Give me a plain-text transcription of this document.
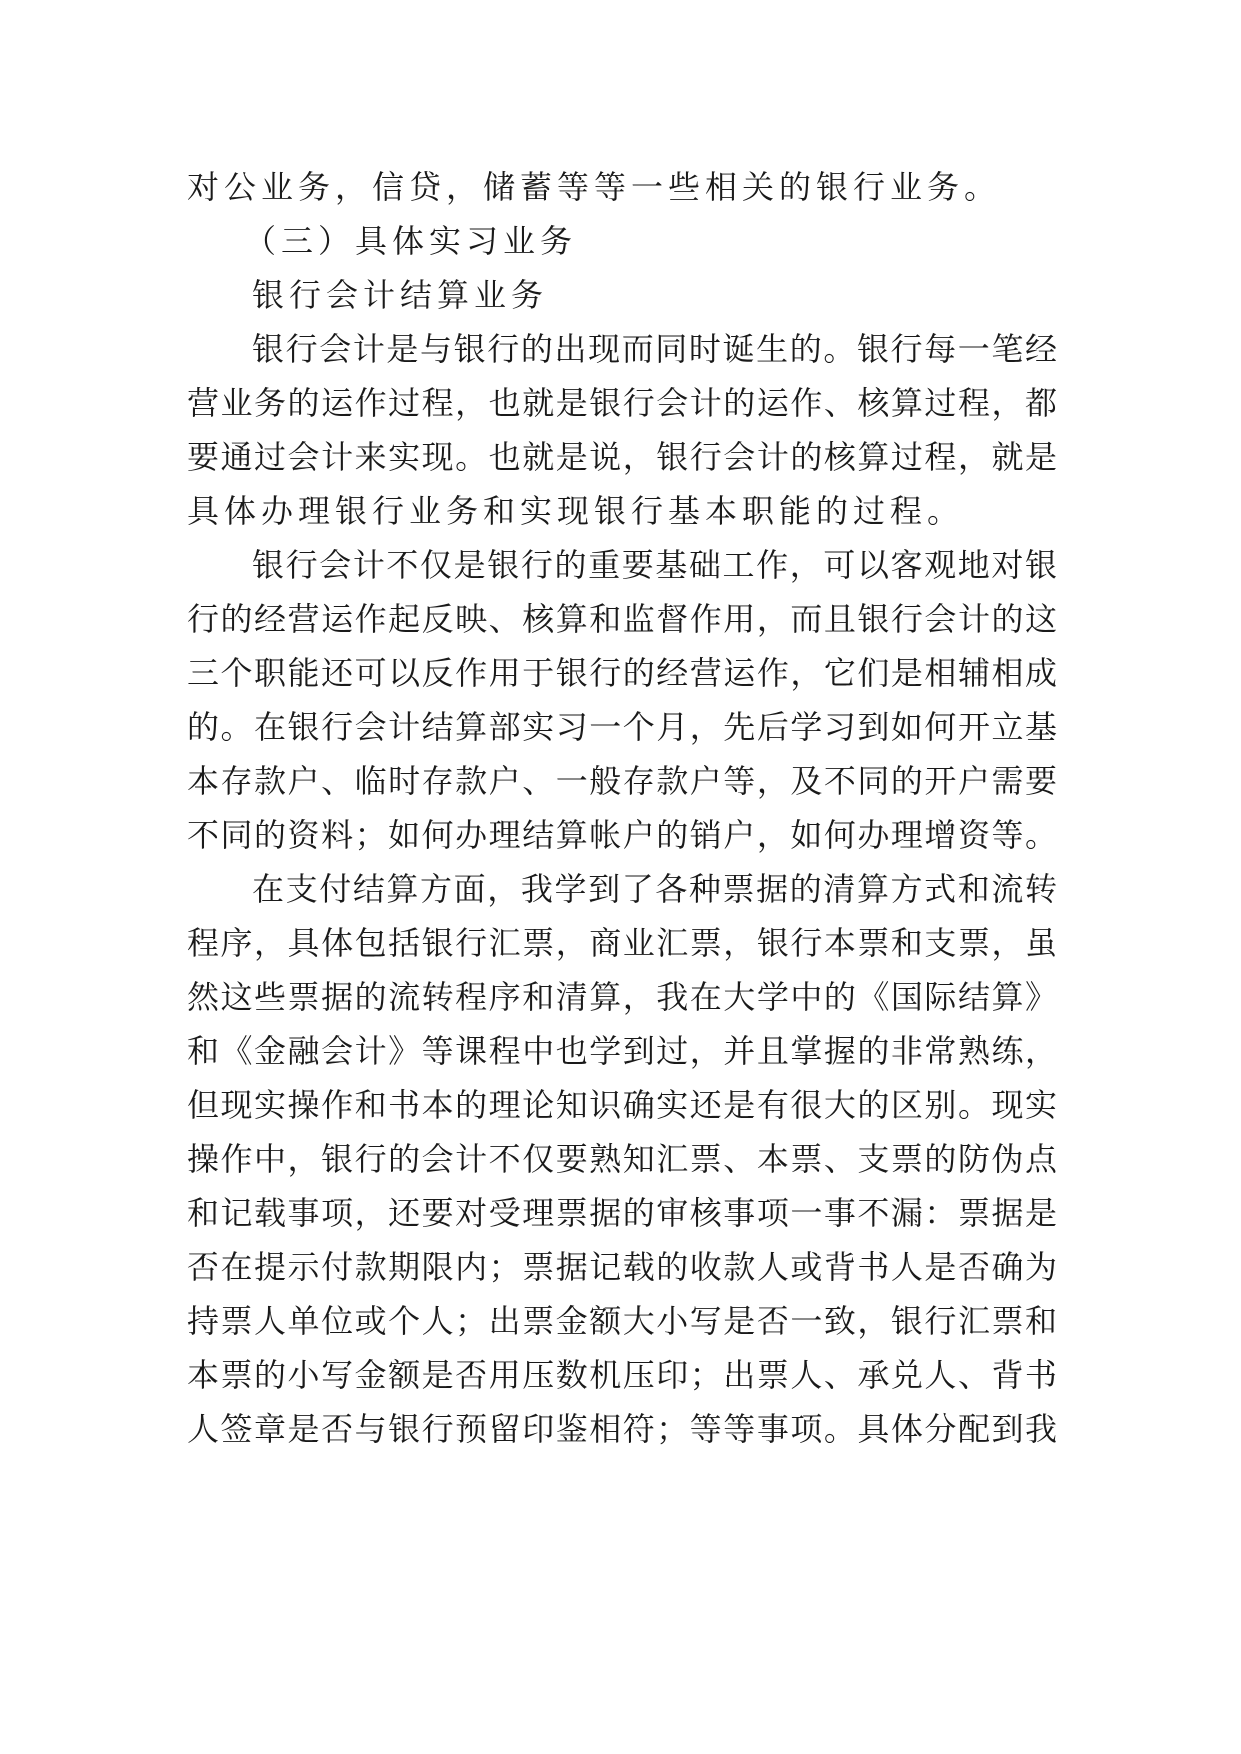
对公业务，信贷，储蓄等等一些相关的银行业务。
（三）具体实习业务
银行会计结算业务
银行会计是与银行的出现而同时诞生的。银行每一笔经
营业务的运作过程，也就是银行会计的运作、核算过程，都
要通过会计来实现。也就是说，银行会计的核算过程，就是
具体办理银行业务和实现银行基本职能的过程。
银行会计不仅是银行的重要基础工作，可以客观地对银
行的经营运作起反映、核算和监督作用，而且银行会计的这
三个职能还可以反作用于银行的经营运作，它们是相辅相成
的。在银行会计结算部实习一个月，先后学习到如何开立基
本存款户、临时存款户、一般存款户等，及不同的开户需要
不同的资料；如何办理结算帐户的销户，如何办理增资等。
在支付结算方面，我学到了各种票据的清算方式和流转
程序，具体包括银行汇票，商业汇票，银行本票和支票，虽
然这些票据的流转程序和清算，我在大学中的《国际结算》
和《金融会计》等课程中也学到过，并且掌握的非常熟练，
但现实操作和书本的理论知识确实还是有很大的区别。现实
操作中，银行的会计不仅要熟知汇票、本票、支票的防伪点
和记载事项，还要对受理票据的审核事项一事不漏：票据是
否在提示付款期限内；票据记载的收款人或背书人是否确为
持票人单位或个人；出票金额大小写是否一致，银行汇票和
本票的小写金额是否用压数机压印；出票人、承兑人、背书
人签章是否与银行预留印鉴相符；等等事项。具体分配到我
